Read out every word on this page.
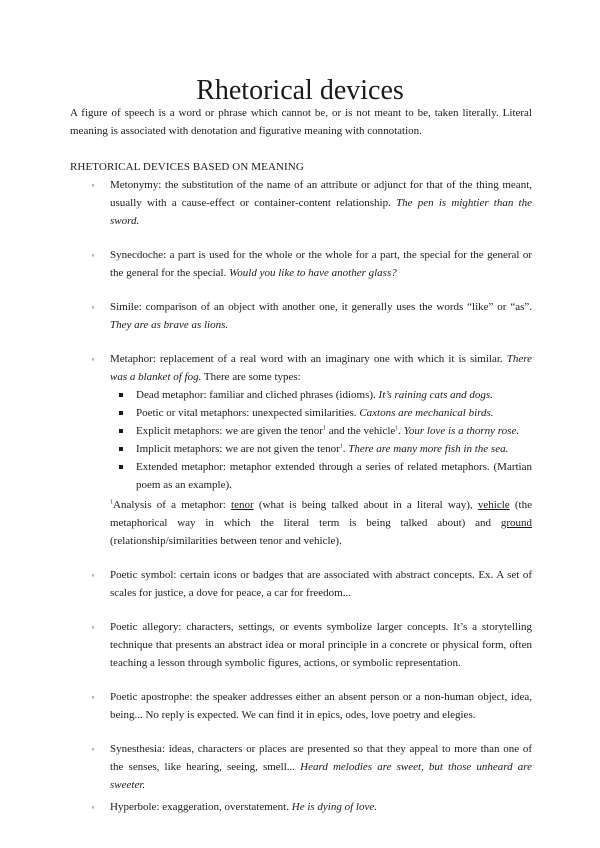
Rhetorical devices

A figure of speech is a word or phrase which cannot be, or is not meant to be, taken literally. Literal meaning is associated with denotation and figurative meaning with connotation.

RHETORICAL DEVICES BASED ON MEANING
◦	Metonymy: the substitution of the name of an attribute or adjunct for that of the thing meant, usually with a cause-effect or container-content relationship. The pen is mightier than the sword.
◦	Synecdoche: a part is used for the whole or the whole for a part, the special for the general or the general for the special. Would you like to have another glass?
◦	Simile: comparison of an object with another one, it generally uses the words “like” or “as”. They are as brave as lions.
◦	Metaphor: replacement of a real word with an imaginary one with which it is similar. There was a blanket of fog. There are some types:
Dead metaphor: familiar and cliched phrases (idioms). It’s raining cats and dogs.
Poetic or vital metaphors: unexpected similarities. Caxtons are mechanical birds.
Explicit metaphors: we are given the tenor$^1$ and the vehicle$^1$. Your love is a thorny rose.
Implicit metaphors: we are not given the tenor$^1$. There are many more fish in the sea.
Extended metaphor: metaphor extended through a series of related metaphors. (Martian poem as an example).
$^1$Analysis of a metaphor: tenor (what is being talked about in a literal way), vehicle (the metaphorical way in which the literal term is being talked about) and ground (relationship/similarities between tenor and vehicle).
◦	Poetic symbol: certain icons or badges that are associated with abstract concepts. Ex. A set of scales for justice, a dove for peace, a car for freedom...
◦	Poetic allegory: characters, settings, or events symbolize larger concepts. It’s a storytelling technique that presents an abstract idea or moral principle in a concrete or physical form, often teaching a lesson through symbolic figures, actions, or symbolic representation.
◦	Poetic apostrophe: the speaker addresses either an absent person or a non-human object, idea, being... No reply is expected. We can find it in epics, odes, love poetry and elegies.
◦	Synesthesia: ideas, characters or places are presented so that they appeal to more than one of the senses, like hearing, seeing, smell... Heard melodies are sweet, but those unheard are sweeter.
◦	Hyperbole: exaggeration, overstatement. He is dying of love.
